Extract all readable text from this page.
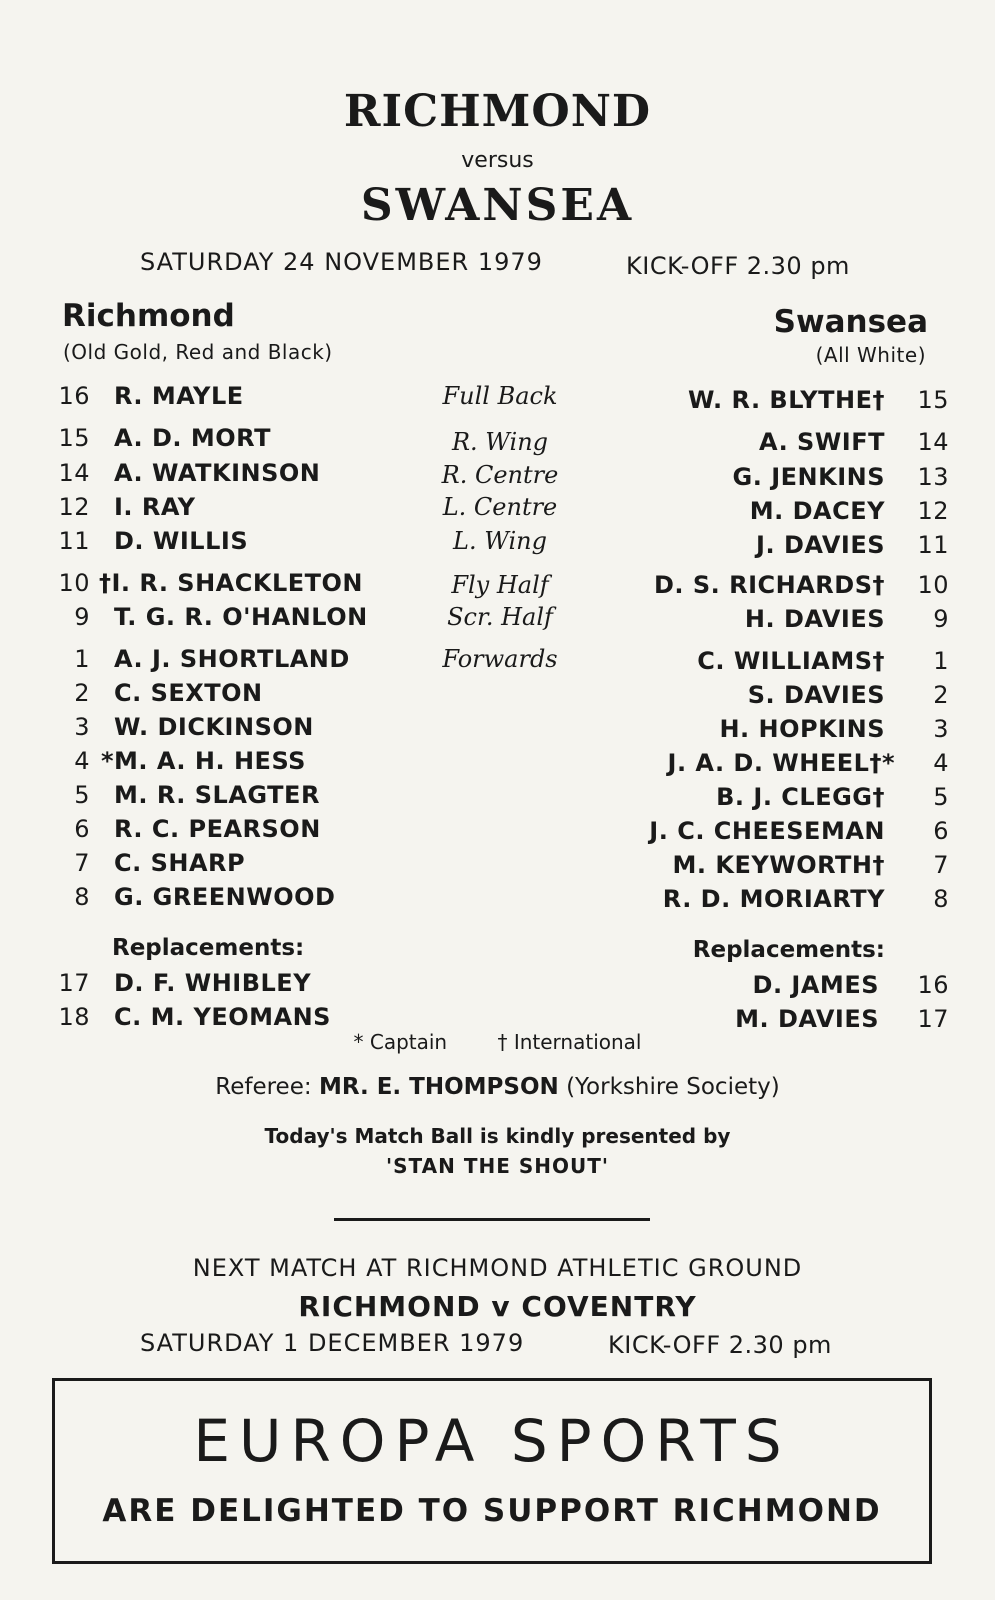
RICHMOND
versus
SWANSEA
SATURDAY 24 NOVEMBER 1979	KICK-OFF 2.30 pm
Richmond
(Old Gold, Red and Black)
Swansea
(All White)
16 R. MAYLE	Full Back	W. R. BLYTHE† 15
15 A. D. MORT	R. Wing	A. SWIFT 14
14 A. WATKINSON	R. Centre	G. JENKINS 13
12 I. RAY	L. Centre	M. DACEY 12
11 D. WILLIS	L. Wing	J. DAVIES 11
10 †I. R. SHACKLETON	Fly Half	D. S. RICHARDS† 10
9 T. G. R. O'HANLON	Scr. Half	H. DAVIES 9
1 A. J. SHORTLAND	Forwards	C. WILLIAMS† 1
2 C. SEXTON	S. DAVIES 2
3 W. DICKINSON	H. HOPKINS 3
4 *M. A. H. HESS	J. A. D. WHEEL†* 4
5 M. R. SLAGTER	B. J. CLEGG† 5
6 R. C. PEARSON	J. C. CHEESEMAN 6
7 C. SHARP	M. KEYWORTH† 7
8 G. GREENWOOD	R. D. MORIARTY 8
Replacements:	Replacements:
17 D. F. WHIBLEY	D. JAMES 16
18 C. M. YEOMANS	M. DAVIES 17
* Captain	† International
Referee: MR. E. THOMPSON (Yorkshire Society)
Today's Match Ball is kindly presented by
'STAN THE SHOUT'
NEXT MATCH AT RICHMOND ATHLETIC GROUND
RICHMOND v COVENTRY
SATURDAY 1 DECEMBER 1979	KICK-OFF 2.30 pm
EUROPA SPORTS
ARE DELIGHTED TO SUPPORT RICHMOND
